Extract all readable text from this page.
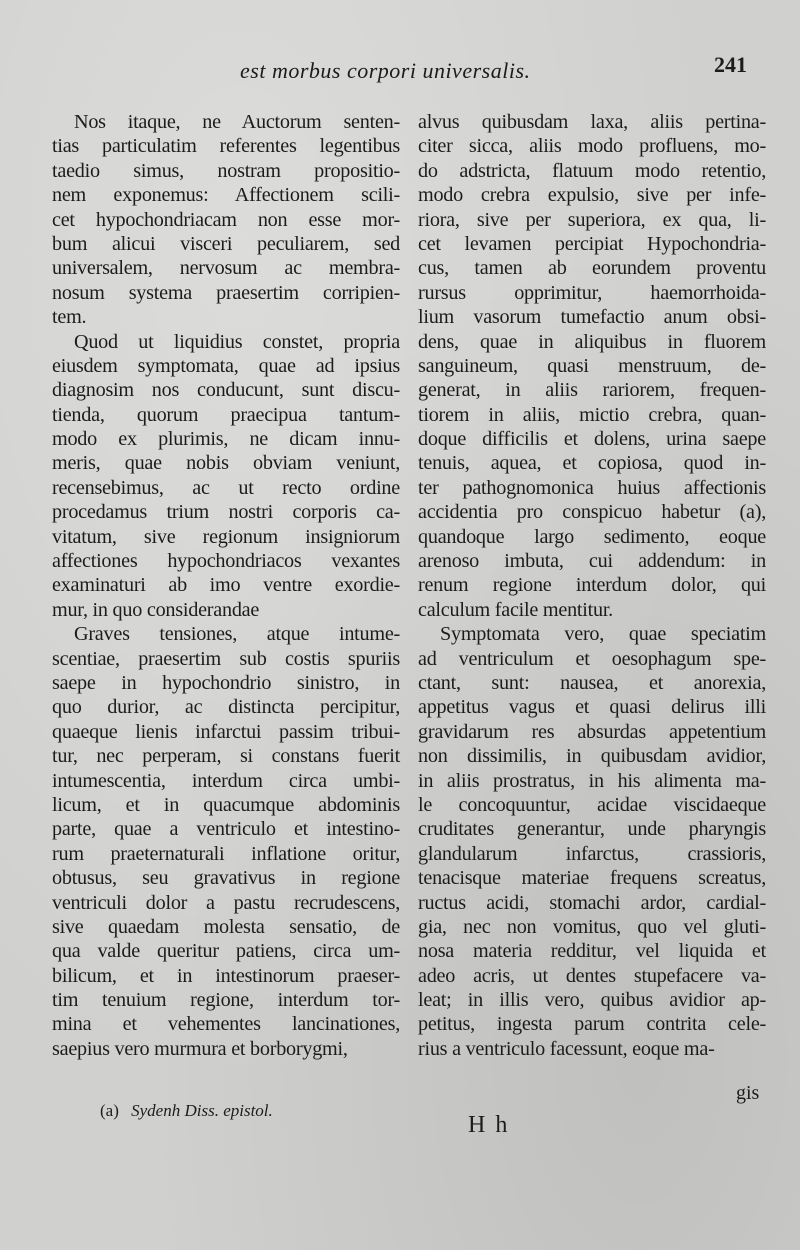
est morbus corpori universalis.	241
Nos itaque, ne Auctorum senten-
tias particulatim referentes legentibus
taedio simus, nostram propositio-
nem exponemus: Affectionem scili-
cet hypochondriacam non esse mor-
bum alicui visceri peculiarem, sed
universalem, nervosum ac membra-
nosum systema praesertim corripien-
tem.
Quod ut liquidius constet, propria
eiusdem symptomata, quae ad ipsius
diagnosim nos conducunt, sunt discu-
tienda, quorum praecipua tantum-
modo ex plurimis, ne dicam innu-
meris, quae nobis obviam veniunt,
recensebimus, ac ut recto ordine
procedamus trium nostri corporis ca-
vitatum, sive regionum insigniorum
affectiones hypochondriacos vexantes
examinaturi ab imo ventre exordie-
mur, in quo considerandae
Graves tensiones, atque intume-
scentiae, praesertim sub costis spuriis
saepe in hypochondrio sinistro, in
quo durior, ac distincta percipitur,
quaeque lienis infarctui passim tribui-
tur, nec perperam, si constans fuerit
intumescentia, interdum circa umbi-
licum, et in quacumque abdominis
parte, quae a ventriculo et intestino-
rum praeternaturali inflatione oritur,
obtusus, seu gravativus in regione
ventriculi dolor a pastu recrudescens,
sive quaedam molesta sensatio, de
qua valde queritur patiens, circa um-
bilicum, et in intestinorum praeser-
tim tenuium regione, interdum tor-
mina et vehementes lancinationes,
saepius vero murmura et borborygmi,
alvus quibusdam laxa, aliis pertina-
citer sicca, aliis modo profluens, mo-
do adstricta, flatuum modo retentio,
modo crebra expulsio, sive per infe-
riora, sive per superiora, ex qua, li-
cet levamen percipiat Hypochondria-
cus, tamen ab eorundem proventu
rursus opprimitur, haemorrhoida-
lium vasorum tumefactio anum obsi-
dens, quae in aliquibus in fluorem
sanguineum, quasi menstruum, de-
generat, in aliis rariorem, frequen-
tiorem in aliis, mictio crebra, quan-
doque difficilis et dolens, urina saepe
tenuis, aquea, et copiosa, quod in-
ter pathognomonica huius affectionis
accidentia pro conspicuo habetur (a),
quandoque largo sedimento, eoque
arenoso imbuta, cui addendum: in
renum regione interdum dolor, qui
calculum facile mentitur.
Symptomata vero, quae speciatim
ad ventriculum et oesophagum spe-
ctant, sunt: nausea, et anorexia,
appetitus vagus et quasi delirus illi
gravidarum res absurdas appetentium
non dissimilis, in quibusdam avidior,
in aliis prostratus, in his alimenta ma-
le concoquuntur, acidae viscidaeque
cruditates generantur, unde pharyngis
glandularum infarctus, crassioris,
tenacisque materiae frequens screatus,
ructus acidi, stomachi ardor, cardial-
gia, nec non vomitus, quo vel gluti-
nosa materia redditur, vel liquida et
adeo acris, ut dentes stupefacere va-
leat; in illis vero, quibus avidior ap-
petitus, ingesta parum contrita cele-
rius a ventriculo facessunt, eoque ma-
(a) Sydenh Diss. epistol.
H h
gis
